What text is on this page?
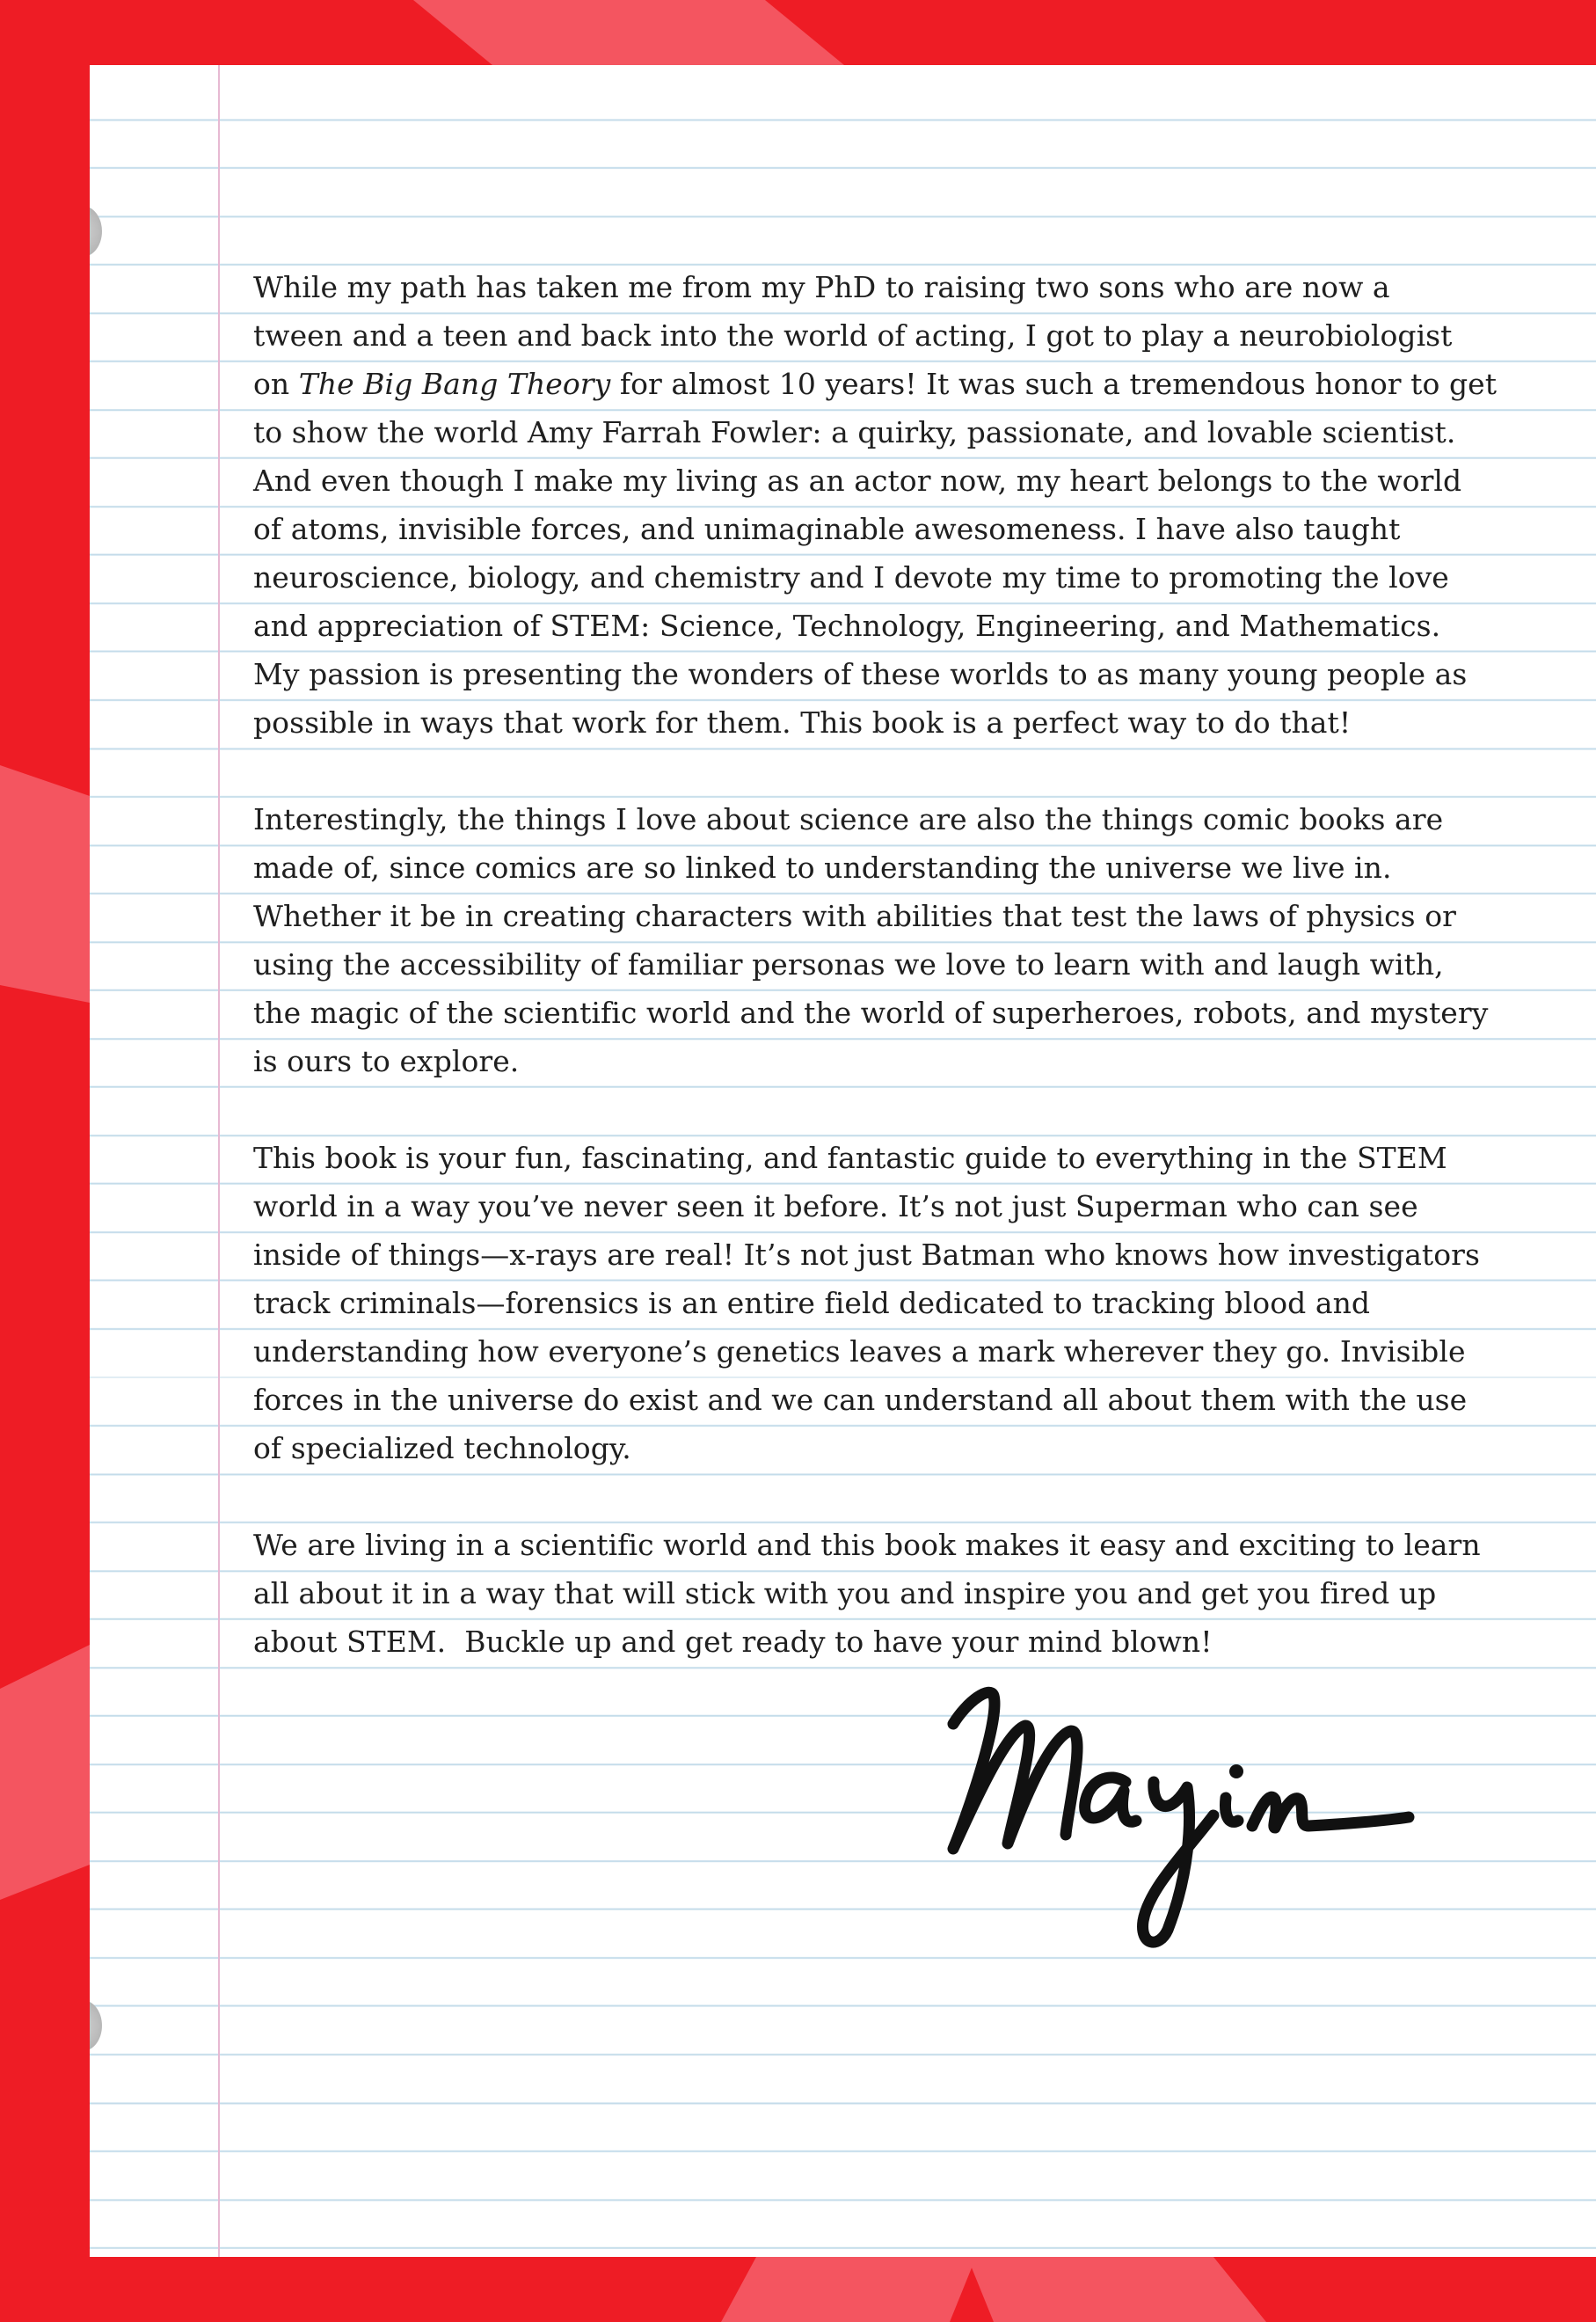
While my path has taken me from my PhD to raising two sons who are now a
tween and a teen and back into the world of acting, I got to play a neurobiologist
on The Big Bang Theory for almost 10 years! It was such a tremendous honor to get
to show the world Amy Farrah Fowler: a quirky, passionate, and lovable scientist.
And even though I make my living as an actor now, my heart belongs to the world
of atoms, invisible forces, and unimaginable awesomeness. I have also taught
neuroscience, biology, and chemistry and I devote my time to promoting the love
and appreciation of STEM: Science, Technology, Engineering, and Mathematics.
My passion is presenting the wonders of these worlds to as many young people as
possible in ways that work for them. This book is a perfect way to do that!

Interestingly, the things I love about science are also the things comic books are
made of, since comics are so linked to understanding the universe we live in.
Whether it be in creating characters with abilities that test the laws of physics or
using the accessibility of familiar personas we love to learn with and laugh with,
the magic of the scientific world and the world of superheroes, robots, and mystery
is ours to explore.

This book is your fun, fascinating, and fantastic guide to everything in the STEM
world in a way you’ve never seen it before. It’s not just Superman who can see
inside of things—x-rays are real! It’s not just Batman who knows how investigators
track criminals—forensics is an entire field dedicated to tracking blood and
understanding how everyone’s genetics leaves a mark wherever they go. Invisible
forces in the universe do exist and we can understand all about them with the use
of specialized technology.

We are living in a scientific world and this book makes it easy and exciting to learn
all about it in a way that will stick with you and inspire you and get you fired up
about STEM.  Buckle up and get ready to have your mind blown!
